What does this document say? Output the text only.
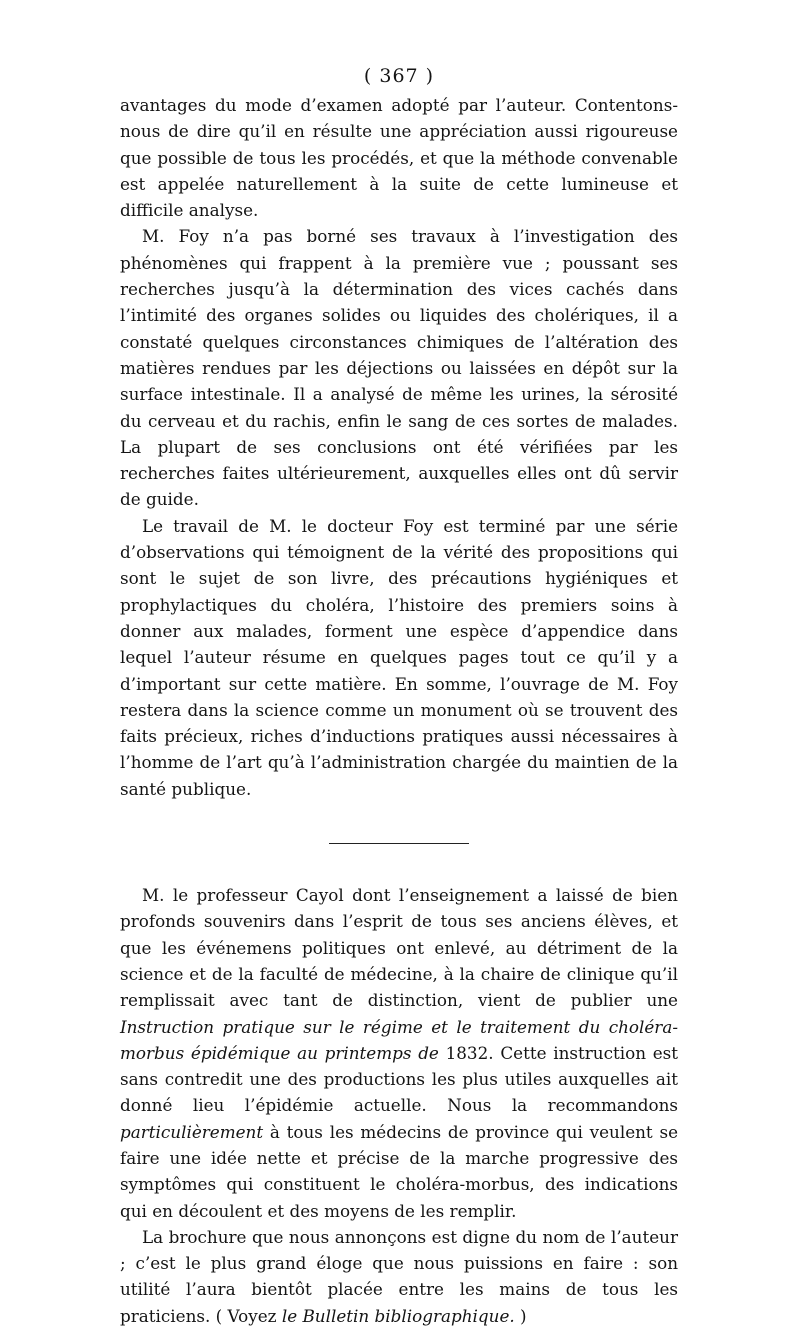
( 367 )

avantages du mode d’examen adopté par l’auteur. Contentons-nous de dire qu’il en résulte une appréciation aussi rigoureuse que possible de tous les procédés, et que la méthode convenable est appelée naturellement à la suite de cette lumineuse et difficile analyse.

M. Foy n’a pas borné ses travaux à l’investigation des phénomènes qui frappent à la première vue ; poussant ses recherches jusqu’à la détermination des vices cachés dans l’intimité des organes solides ou liquides des cholériques, il a constaté quelques circonstances chimiques de l’altération des matières rendues par les déjections ou laissées en dépôt sur la surface intestinale. Il a analysé de même les urines, la sérosité du cerveau et du rachis, enfin le sang de ces sortes de malades. La plupart de ses conclusions ont été vérifiées par les recherches faites ultérieurement, auxquelles elles ont dû servir de guide.

Le travail de M. le docteur Foy est terminé par une série d’observations qui témoignent de la vérité des propositions qui sont le sujet de son livre, des précautions hygiéniques et prophylactiques du choléra, l’histoire des premiers soins à donner aux malades, forment une espèce d’appendice dans lequel l’auteur résume en quelques pages tout ce qu’il y a d’important sur cette matière. En somme, l’ouvrage de M. Foy restera dans la science comme un monument où se trouvent des faits précieux, riches d’inductions pratiques aussi nécessaires à l’homme de l’art qu’à l’administration chargée du maintien de la santé publique.

M. le professeur Cayol dont l’enseignement a laissé de bien profonds souvenirs dans l’esprit de tous ses anciens élèves, et que les événemens politiques ont enlevé, au détriment de la science et de la faculté de médecine, à la chaire de clinique qu’il remplissait avec tant de distinction, vient de publier une Instruction pratique sur le régime et le traitement du choléra-morbus épidémique au printemps de 1832. Cette instruction est sans contredit une des productions les plus utiles auxquelles ait donné lieu l’épidémie actuelle. Nous la recommandons particulièrement à tous les médecins de province qui veulent se faire une idée nette et précise de la marche progressive des symptômes qui constituent le choléra-morbus, des indications qui en découlent et des moyens de les remplir.

La brochure que nous annonçons est digne du nom de l’auteur ; c’est le plus grand éloge que nous puissions en faire : son utilité l’aura bientôt placée entre les mains de tous les praticiens. ( Voyez le Bulletin bibliographique. )
